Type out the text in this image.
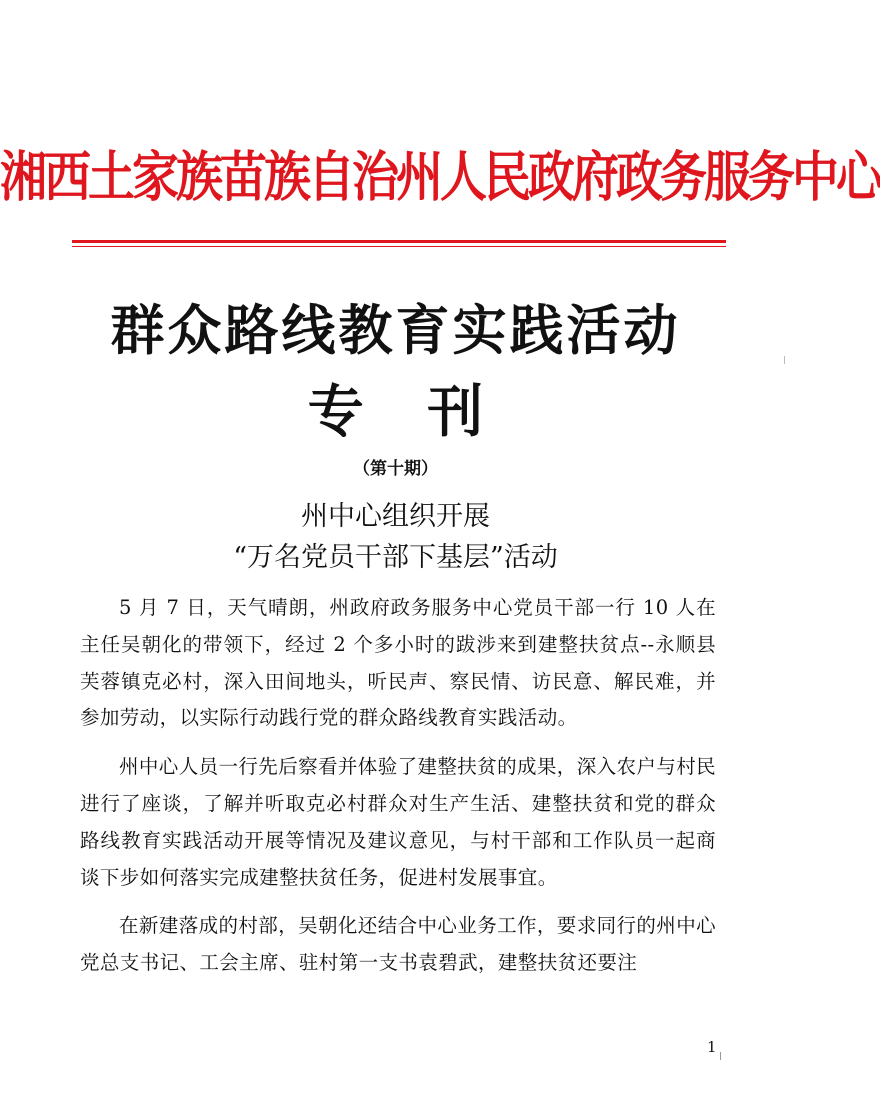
湘西土家族苗族自治州人民政府政务服务中心
群众路线教育实践活动
专 刊
（第十期）
州中心组织开展
“万名党员干部下基层”活动

5 月 7 日，天气晴朗，州政府政务服务中心党员干部一行 10 人在主任吴朝化的带领下，经过 2 个多小时的跋涉来到建整扶贫点--永顺县芙蓉镇克必村，深入田间地头，听民声、察民情、访民意、解民难，并参加劳动，以实际行动践行党的群众路线教育实践活动。

州中心人员一行先后察看并体验了建整扶贫的成果，深入农户与村民进行了座谈，了解并听取克必村群众对生产生活、建整扶贫和党的群众路线教育实践活动开展等情况及建议意见，与村干部和工作队员一起商谈下步如何落实完成建整扶贫任务，促进村发展事宜。

在新建落成的村部，吴朝化还结合中心业务工作，要求同行的州中心党总支书记、工会主席、驻村第一支书袁碧武，建整扶贫还要注

1
